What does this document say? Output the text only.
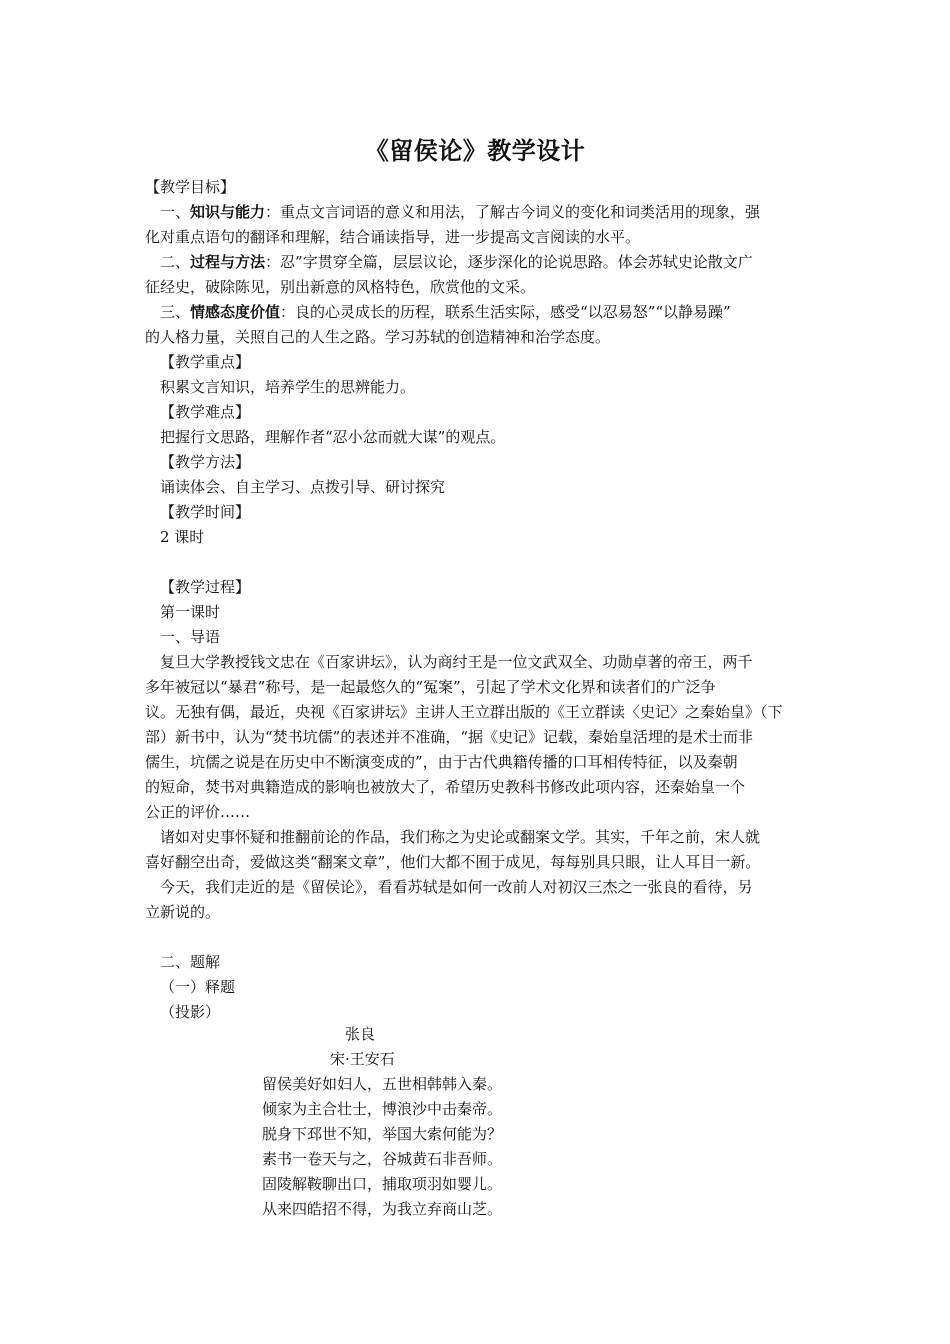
《留侯论》教学设计
【教学目标】
一、知识与能力：重点文言词语的意义和用法，了解古今词义的变化和词类活用的现象，强
化对重点语句的翻译和理解，结合诵读指导，进一步提高文言阅读的水平。
二、过程与方法：忍”字贯穿全篇，层层议论，逐步深化的论说思路。体会苏轼史论散文广
征经史，破除陈见，别出新意的风格特色，欣赏他的文采。
三、情感态度价值：良的心灵成长的历程，联系生活实际，感受“以忍易怒”“以静易躁”
的人格力量，关照自己的人生之路。学习苏轼的创造精神和治学态度。
【教学重点】
积累文言知识，培养学生的思辨能力。
【教学难点】
把握行文思路，理解作者“忍小忿而就大谋”的观点。
【教学方法】
诵读体会、自主学习、点拨引导、研讨探究
【教学时间】
2 课时
【教学过程】
第一课时
一、导语
复旦大学教授钱文忠在《百家讲坛》，认为商纣王是一位文武双全、功勋卓著的帝王，两千
多年被冠以“暴君”称号，是一起最悠久的“冤案”，引起了学术文化界和读者们的广泛争
议。无独有偶，最近，央视《百家讲坛》主讲人王立群出版的《王立群读〈史记〉之秦始皇》（下
部）新书中，认为“焚书坑儒”的表述并不准确，“据《史记》记载，秦始皇活埋的是术士而非
儒生，坑儒之说是在历史中不断演变成的”，由于古代典籍传播的口耳相传特征，以及秦朝
的短命，焚书对典籍造成的影响也被放大了，希望历史教科书修改此项内容，还秦始皇一个
公正的评价……
诸如对史事怀疑和推翻前论的作品，我们称之为史论或翻案文学。其实，千年之前，宋人就
喜好翻空出奇，爱做这类“翻案文章”，他们大都不囿于成见，每每别具只眼，让人耳目一新。
今天，我们走近的是《留侯论》，看看苏轼是如何一改前人对初汉三杰之一张良的看待，另
立新说的。
二、题解
（一）释题
（投影）
张良
宋·王安石
留侯美好如妇人，五世相韩韩入秦。
倾家为主合壮士，博浪沙中击秦帝。
脱身下邳世不知，举国大索何能为？
素书一卷天与之，谷城黄石非吾师。
固陵解鞍聊出口，捕取项羽如婴儿。
从来四皓招不得，为我立弃商山芝。
